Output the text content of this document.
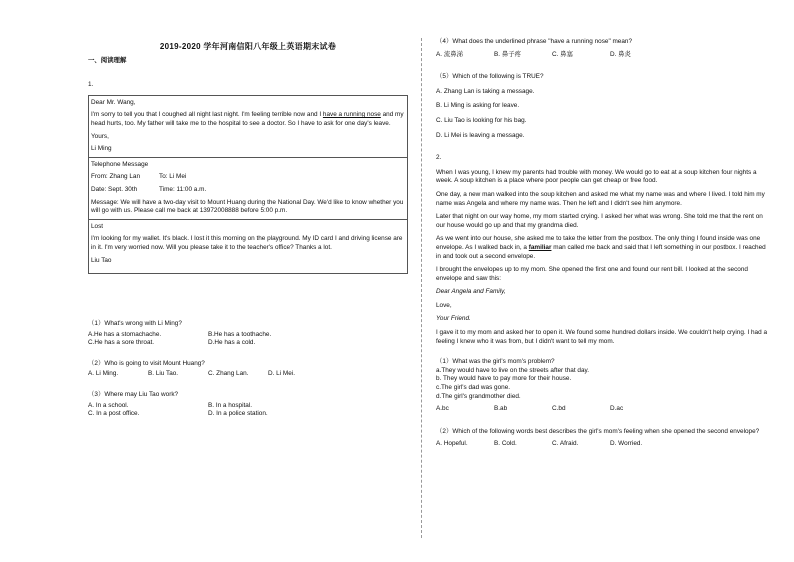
2019-2020 学年河南信阳八年级上英语期末试卷
一、阅读理解
1.
Dear Mr. Wang,
I'm sorry to tell you that I coughed all night last night. I'm feeling terrible now and I have a running nose and my head hurts, too. My father will take me to the hospital to see a doctor. So I have to ask for one day's leave.
Yours,
Li Ming
Telephone Message
From: Zhang Lan	To: Li Mei
Date: Sept. 30th	Time: 11:00 a.m.
Message: We will have a two-day visit to Mount Huang during the National Day. We'd like to know whether you will go with us. Please call me back at 13972008888 before 5:00 p.m.
Lost
I'm looking for my wallet. It's black. I lost it this morning on the playground. My ID card I and driving license are in it. I'm very worried now. Will you please take it to the teacher's office? Thanks a lot.
Liu Tao
（1）What's wrong with Li Ming?
A.He has a stomachache.	B.He has a toothache.
C.He has a sore throat.	D.He has a cold.
（2）Who is going to visit Mount Huang?
A. Li Ming.	B. Liu Tao.	C. Zhang Lan.	D. Li Mei.
（3）Where may Liu Tao work?
A. In a school.	B. In a hospital.
C. In a post office.	D. In a police station.
（4）What does the underlined phrase "have a running nose" mean?
A. 流鼻涕	B. 鼻子疼	C. 鼻塞	D. 鼻炎
（5）Which of the following is TRUE?
A. Zhang Lan is taking a message.
B. Li Ming is asking for leave.
C. Liu Tao is looking for his bag.
D. Li Mei is leaving a message.
2.
When I was young, I knew my parents had trouble with money. We would go to eat at a soup kitchen four nights a week. A soup kitchen is a place where poor people can get cheap or free food.
One day, a new man walked into the soup kitchen and asked me what my name was and where I lived. I told him my name was Angela and where my name was. Then he left and I didn't see him anymore.
Later that night on our way home, my mom started crying. I asked her what was wrong. She told me that the rent on our house would go up and that my grandma died.
As we went into our house, she asked me to take the letter from the postbox. The only thing I found inside was one envelope. As I walked back in, a familiar man called me back and said that I left something in our postbox. I reached in and took out a second envelope.
I brought the envelopes up to my mom. She opened the first one and found our rent bill. I looked at the second envelope and saw this:
Dear Angela and Family,
Love,
Your Friend.
I gave it to my mom and asked her to open it. We found some hundred dollars inside. We couldn't help crying. I had a feeling I knew who it was from, but I didn't want to tell my mom.
（1）What was the girl's mom's problem?
a.They would have to live on the streets after that day.
b. They would have to pay more for their house.
c.The girl's dad was gone.
d.The girl's grandmother died.
A.bc	B.ab	C.bd	D.ac
（2）Which of the following words best describes the girl's mom's feeling when she opened the second envelope?
A. Hopeful.	B. Cold.	C. Afraid.	D. Worried.
